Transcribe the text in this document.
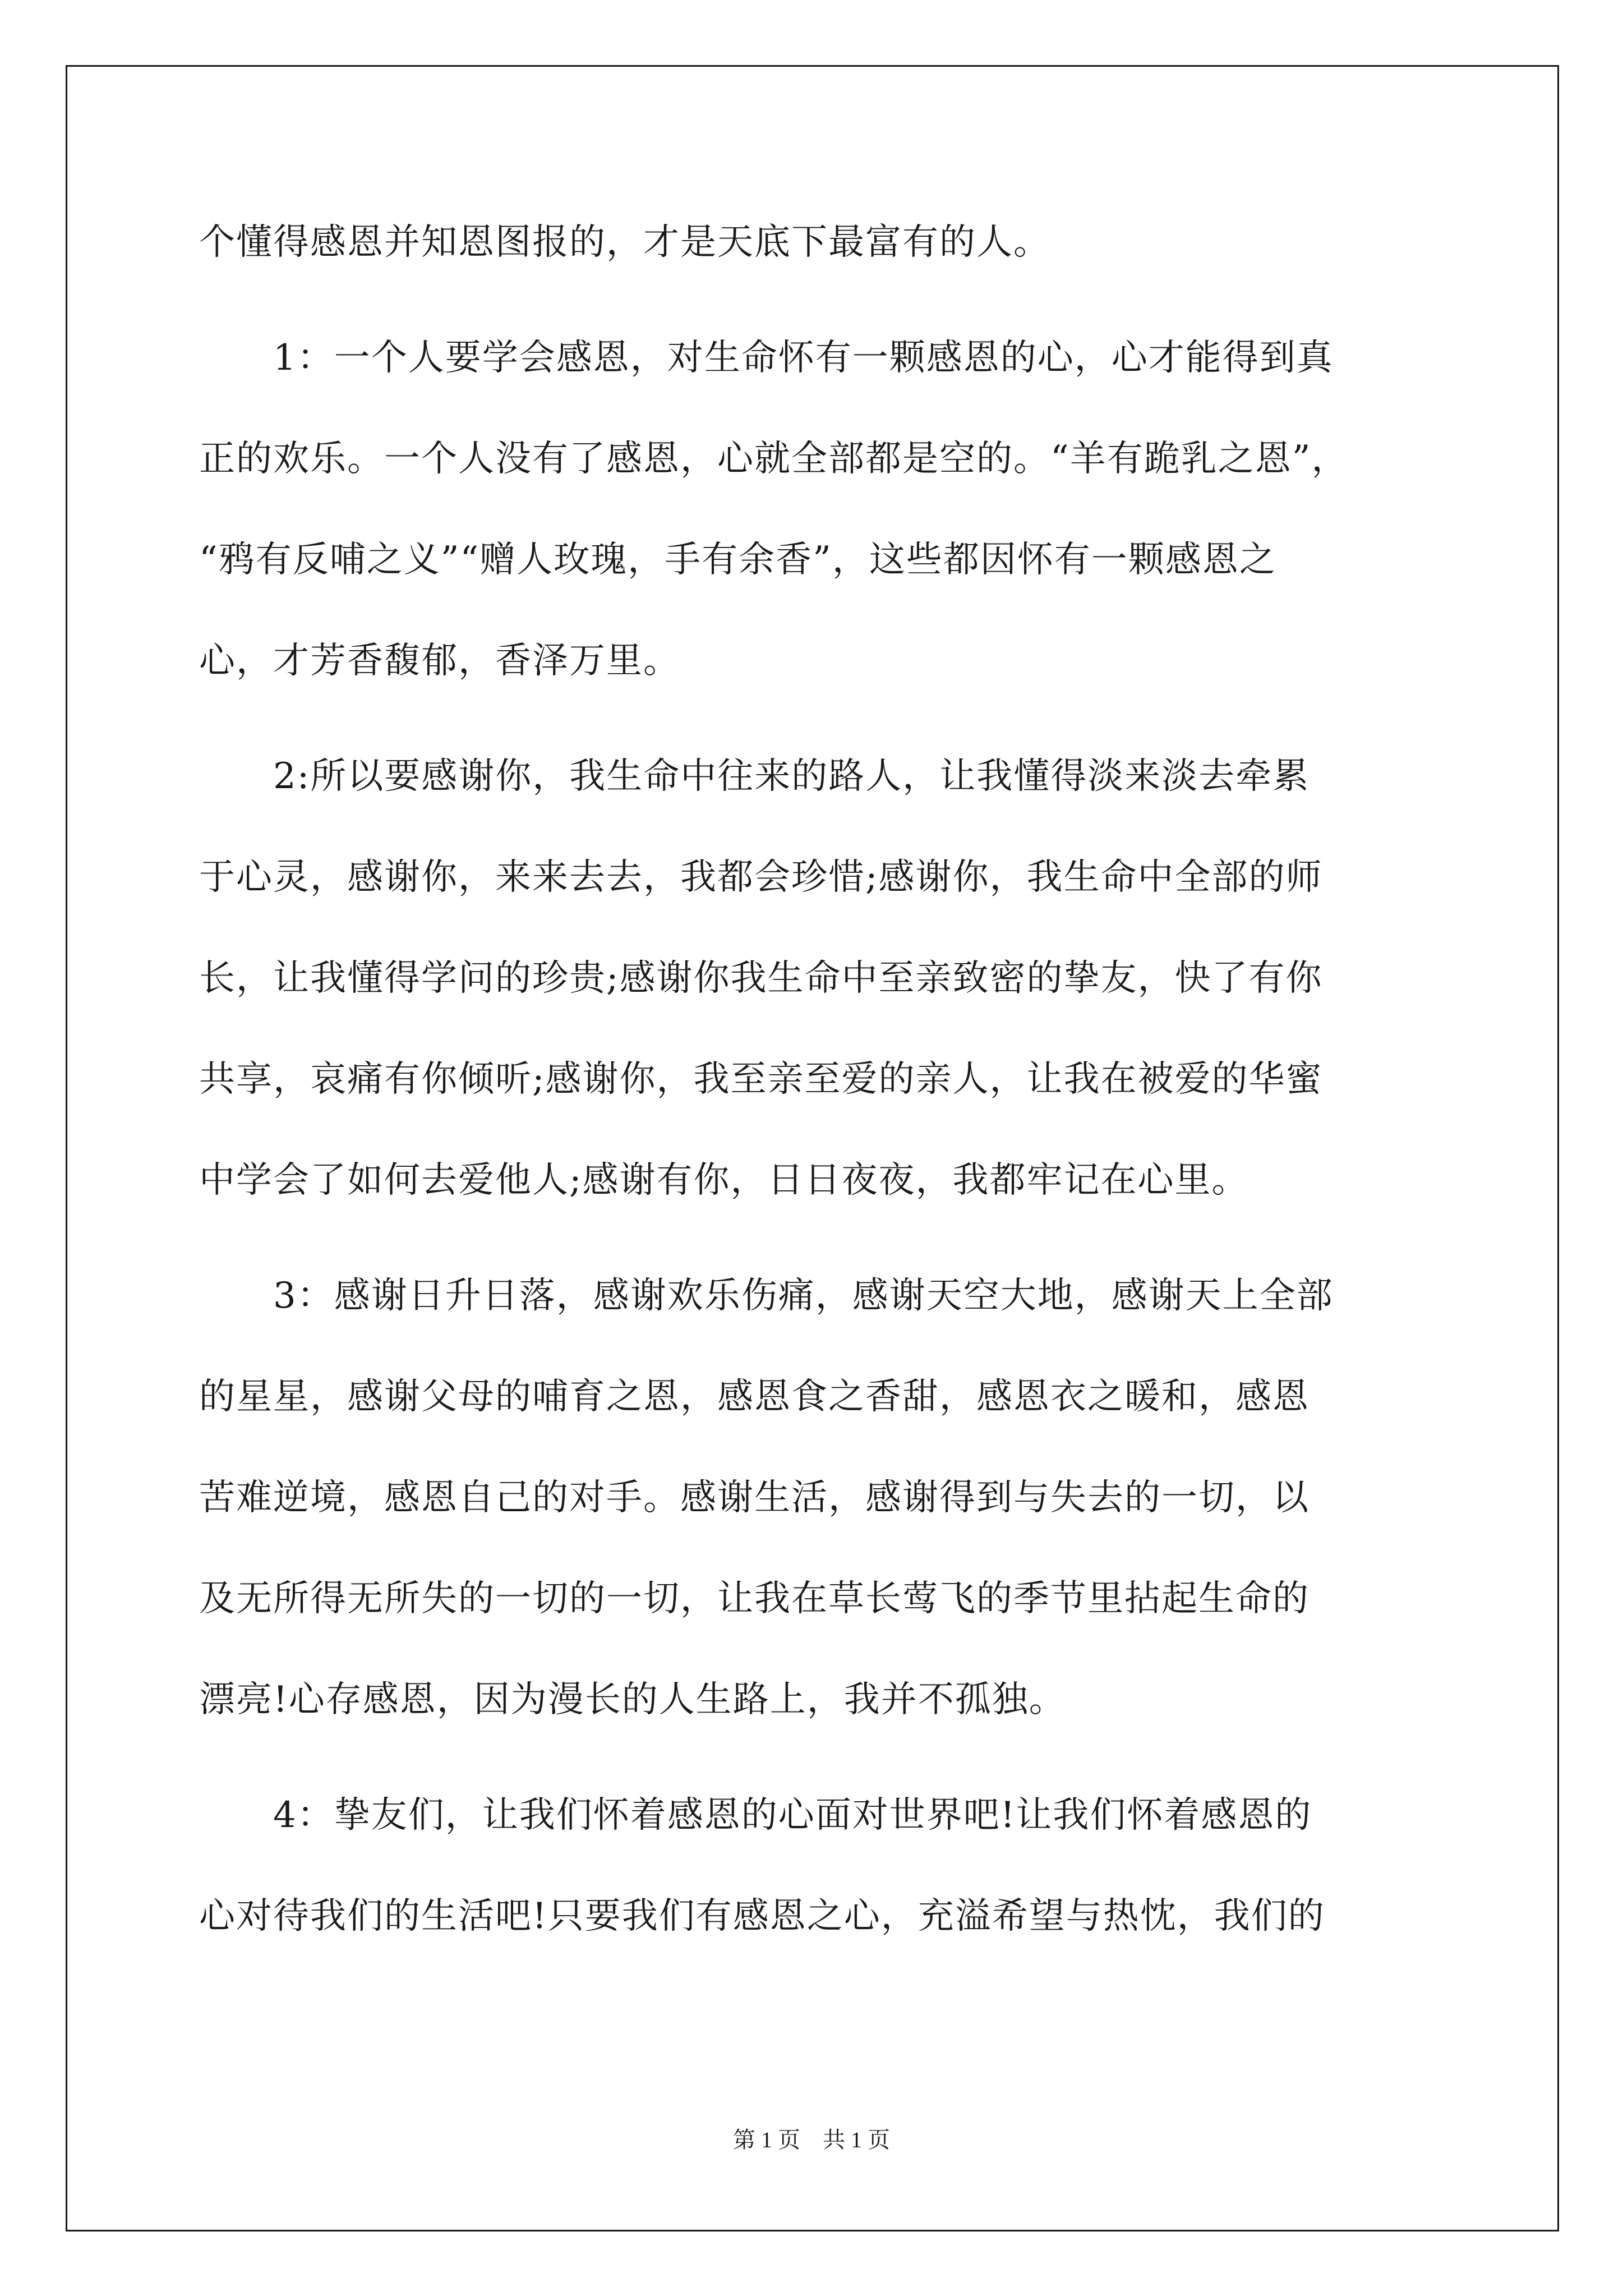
个懂得感恩并知恩图报的，才是天底下最富有的人。

　　1：一个人要学会感恩，对生命怀有一颗感恩的心，心才能得到真

正的欢乐。一个人没有了感恩，心就全部都是空的。“羊有跪乳之恩”，

“鸦有反哺之义”“赠人玫瑰，手有余香”，这些都因怀有一颗感恩之

心，才芳香馥郁，香泽万里。

　　2:所以要感谢你，我生命中往来的路人，让我懂得淡来淡去牵累

于心灵，感谢你，来来去去，我都会珍惜;感谢你，我生命中全部的师

长，让我懂得学问的珍贵;感谢你我生命中至亲致密的挚友，快了有你

共享，哀痛有你倾听;感谢你，我至亲至爱的亲人，让我在被爱的华蜜

中学会了如何去爱他人;感谢有你，日日夜夜，我都牢记在心里。

　　3：感谢日升日落，感谢欢乐伤痛，感谢天空大地，感谢天上全部

的星星，感谢父母的哺育之恩，感恩食之香甜，感恩衣之暖和，感恩

苦难逆境，感恩自己的对手。感谢生活，感谢得到与失去的一切，以

及无所得无所失的一切的一切，让我在草长莺飞的季节里拈起生命的

漂亮!心存感恩，因为漫长的人生路上，我并不孤独。

　　4：挚友们，让我们怀着感恩的心面对世界吧!让我们怀着感恩的

心对待我们的生活吧!只要我们有感恩之心，充溢希望与热忱，我们的

第 1 页　共 1 页
